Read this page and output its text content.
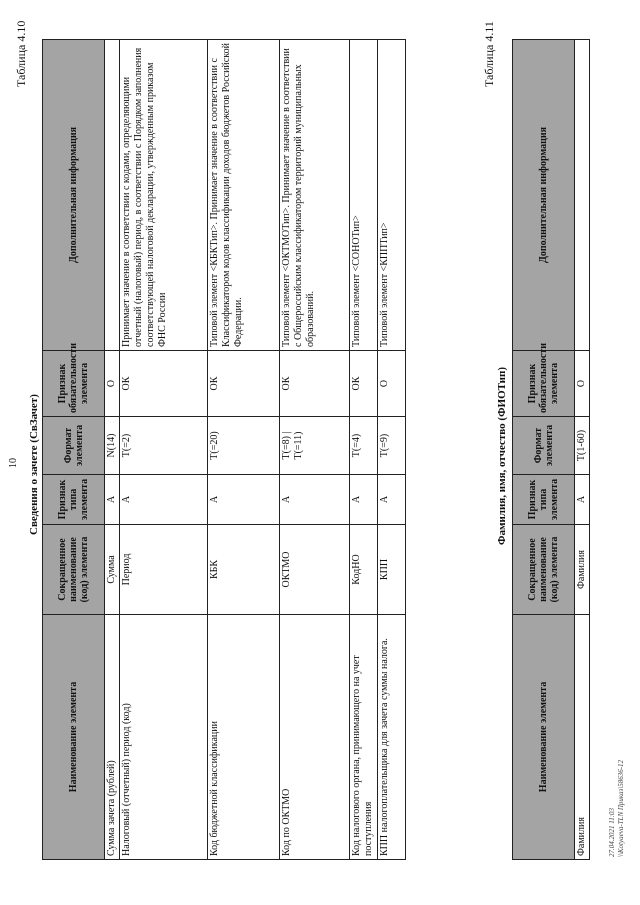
10
Таблица 4.10
Сведения о зачете (СвЗачет)
Наименование элемента	Сокращенное наименование (код) элемента	Признак типа элемента	Формат элемента	Признак обязательности элемента	Дополнительная информация
Сумма зачета (рублей)	Сумма	А	N(14)	О	
Налоговый (отчетный) период (код)	Период	А	T(=2)	ОК	Принимает значение в соответствии с кодами, определяющими отчетный (налоговый) период, в соответствии с Порядком заполнения соответствующей налоговой декларации, утвержденным приказом ФНС России
Код бюджетной классификации	КБК	А	T(=20)	ОК	Типовой элемент <КБКТип>. Принимает значение в соответствии с Классификатором кодов классификации доходов бюджетов Российской Федерации.
Код по ОКТМО	ОКТМО	А	T(=8) | T(=11)	ОК	Типовой элемент <ОКТМОТип>. Принимает значение в соответствии с Общероссийским классификатором территорий муниципальных образований.
Код налогового органа, принимающего на учет поступления	КодНО	А	T(=4)	ОК	Типовой элемент <СОНОТип>
КПП налогоплательщика для зачета суммы налога.	КПП	А	T(=9)	О	Типовой элемент <КППТип>
Таблица 4.11
Фамилия, имя, отчество (ФИОТип)
Наименование элемента	Сокращенное наименование (код) элемента	Признак типа элемента	Формат элемента	Признак обязательности элемента	Дополнительная информация
Фамилия	Фамилия	А	T(1-60)	О	
27.04.2021 11:03 \\Kotyaeva-TLN Приказ\58636-12
